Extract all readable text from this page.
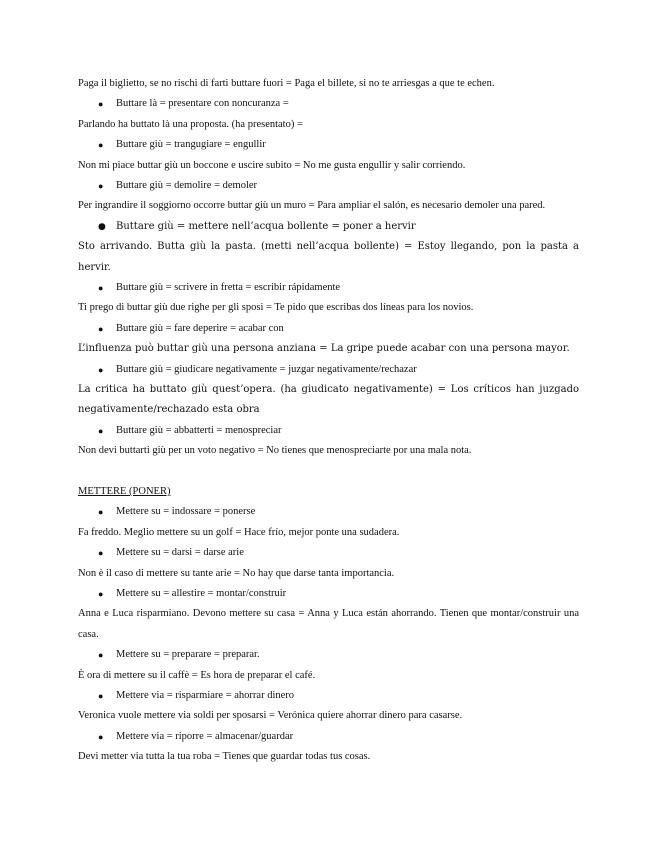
Paga il biglietto, se no rischi di farti buttare fuori = Paga el billete, si no te arriesgas a que te echen.
● Buttare là = presentare con noncuranza =
Parlando ha buttato là una proposta. (ha presentato) =
● Buttare giù = trangugiare = engullir
Non mi piace buttar giù un boccone e uscire subito = No me gusta engullir y salir corriendo.
● Buttare giù = demolire = demoler
Per ingrandire il soggiorno occorre buttar giù un muro = Para ampliar el salón, es necesario demoler una pared.
● Buttare giù = mettere nell’acqua bollente = poner a hervir
Sto arrivando. Butta giù la pasta. (metti nell’acqua bollente) = Estoy llegando, pon la pasta a hervir.
● Buttare giù = scrivere in fretta = escribir rápidamente
Ti prego di buttar giù due righe per gli sposi = Te pido que escribas dos líneas para los novios.
● Buttare giù = fare deperire = acabar con
L’influenza può buttar giù una persona anziana = La gripe puede acabar con una persona mayor.
● Buttare giù = giudicare negativamente = juzgar negativamente/rechazar
La critica ha buttato giù quest’opera. (ha giudicato negativamente) = Los críticos han juzgado negativamente/rechazado esta obra
● Buttare giù = abbatterti = menospreciar
Non devi buttarti giù per un voto negativo = No tienes que menospreciarte por una mala nota.
METTERE (PONER)
● Mettere su = indossare = ponerse
Fa freddo. Meglio mettere su un golf = Hace frío, mejor ponte una sudadera.
● Mettere su = darsi = darse arie
Non è il caso di mettere su tante arie = No hay que darse tanta importancia.
● Mettere su = allestire = montar/construir
Anna e Luca risparmiano. Devono mettere su casa = Anna y Luca están ahorrando. Tienen que montar/construir una casa.
● Mettere su = preparare = preparar.
È ora di mettere su il caffè = Es hora de preparar el café.
● Mettere via = risparmiare = ahorrar dinero
Veronica vuole mettere via soldi per sposarsi = Verónica quiere ahorrar dinero para casarse.
● Mettere via = riporre = almacenar/guardar
Devi metter via tutta la tua roba = Tienes que guardar todas tus cosas.
